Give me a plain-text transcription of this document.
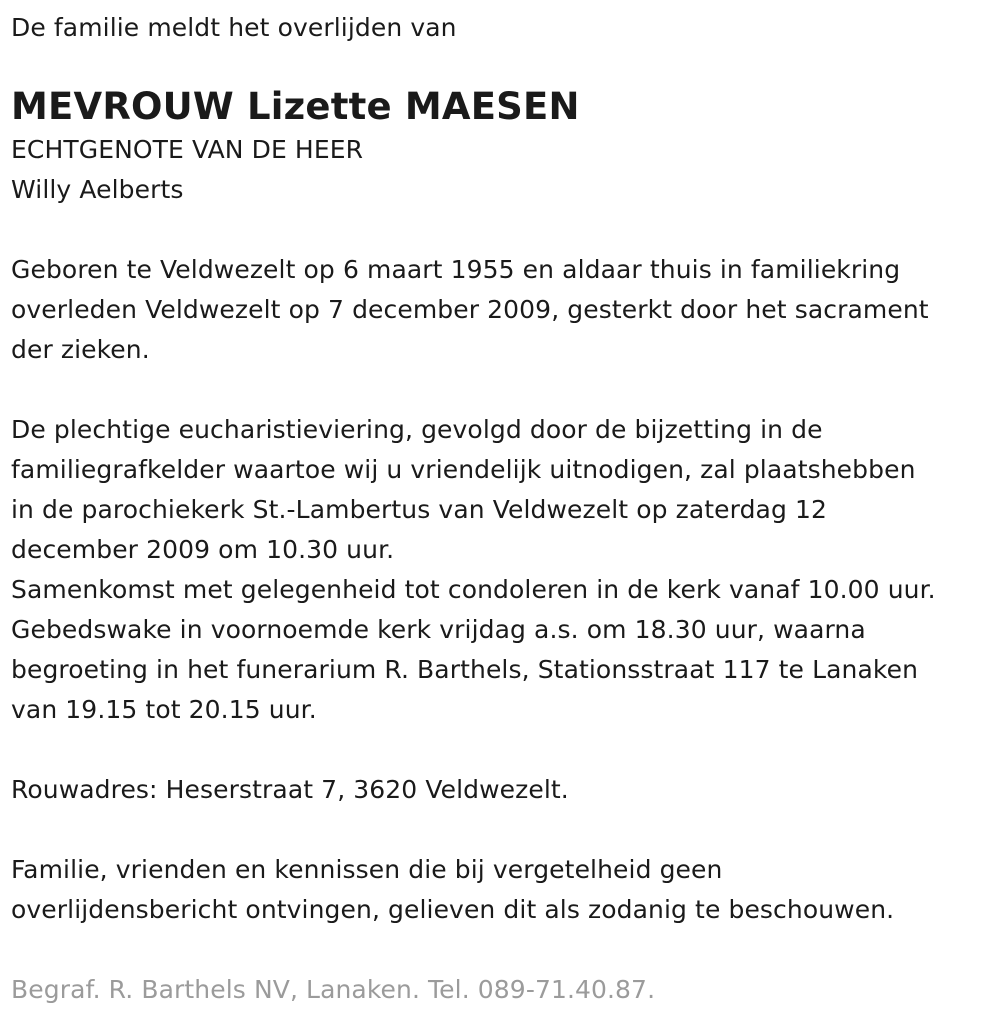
De familie meldt het overlijden van

MEVROUW Lizette MAESEN

ECHTGENOTE VAN DE HEER

Willy Aelberts

Geboren te Veldwezelt op 6 maart 1955 en aldaar thuis in familiekring

overleden Veldwezelt op 7 december 2009, gesterkt door het sacrament

der zieken.

De plechtige eucharistieviering, gevolgd door de bijzetting in de

familiegrafkelder waartoe wij u vriendelijk uitnodigen, zal plaatshebben

in de parochiekerk St.-Lambertus van Veldwezelt op zaterdag 12

december 2009 om 10.30 uur.

Samenkomst met gelegenheid tot condoleren in de kerk vanaf 10.00 uur.

Gebedswake in voornoemde kerk vrijdag a.s. om 18.30 uur, waarna

begroeting in het funerarium R. Barthels, Stationsstraat 117 te Lanaken

van 19.15 tot 20.15 uur.

Rouwadres: Heserstraat 7, 3620 Veldwezelt.

Familie, vrienden en kennissen die bij vergetelheid geen

overlijdensbericht ontvingen, gelieven dit als zodanig te beschouwen.

Begraf. R. Barthels NV, Lanaken. Tel. 089-71.40.87.
